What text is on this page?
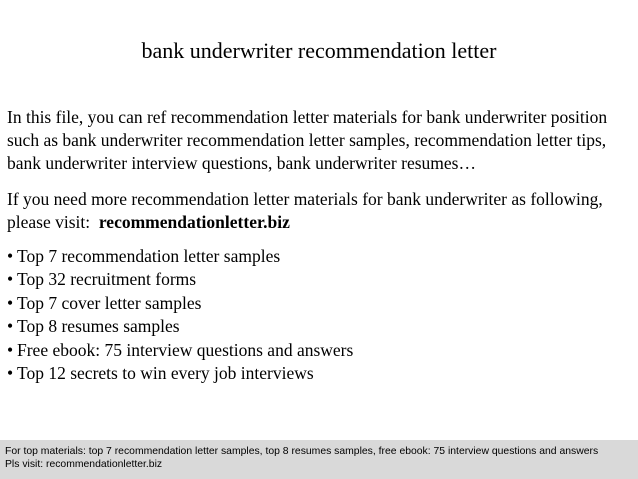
bank underwriter recommendation letter
In this file, you can ref recommendation letter materials for bank underwriter position
such as bank underwriter recommendation letter samples, recommendation letter tips,
bank underwriter interview questions, bank underwriter resumes…
If you need more recommendation letter materials for bank underwriter as following,
please visit: recommendationletter.biz
• Top 7 recommendation letter samples
• Top 32 recruitment forms
• Top 7 cover letter samples
• Top 8 resumes samples
• Free ebook: 75 interview questions and answers
• Top 12 secrets to win every job interviews
For top materials: top 7 recommendation letter samples, top 8 resumes samples, free ebook: 75 interview questions and answers
Pls visit: recommendationletter.biz
